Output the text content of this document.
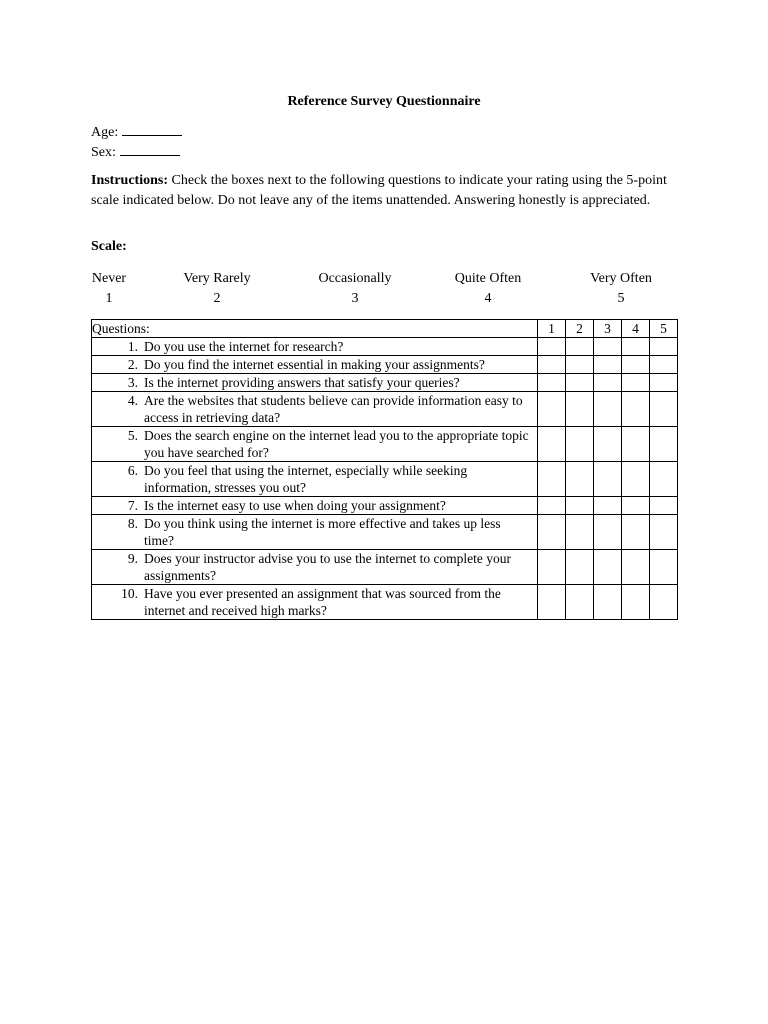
Reference Survey Questionnaire
Age:
Sex:
Instructions: Check the boxes next to the following questions to indicate your rating using the 5-point scale indicated below. Do not leave any of the items unattended. Answering honestly is appreciated.
Scale:
Never
1
Very Rarely
2
Occasionally
3
Quite Often
4
Very Often
5
Questions:	1	2	3	4	5

1. Do you use the internet for research?					

2. Do you find the internet essential in making your assignments?					

3. Is the internet providing answers that satisfy your queries?					

4. Are the websites that students believe can provide information easy to access in retrieving data?					

5. Does the search engine on the internet lead you to the appropriate topic you have searched for?					

6. Do you feel that using the internet, especially while seeking information, stresses you out?					

7. Is the internet easy to use when doing your assignment?					

8. Do you think using the internet is more effective and takes up less time?					

9. Does your instructor advise you to use the internet to complete your assignments?					

10. Have you ever presented an assignment that was sourced from the internet and received high marks?					
